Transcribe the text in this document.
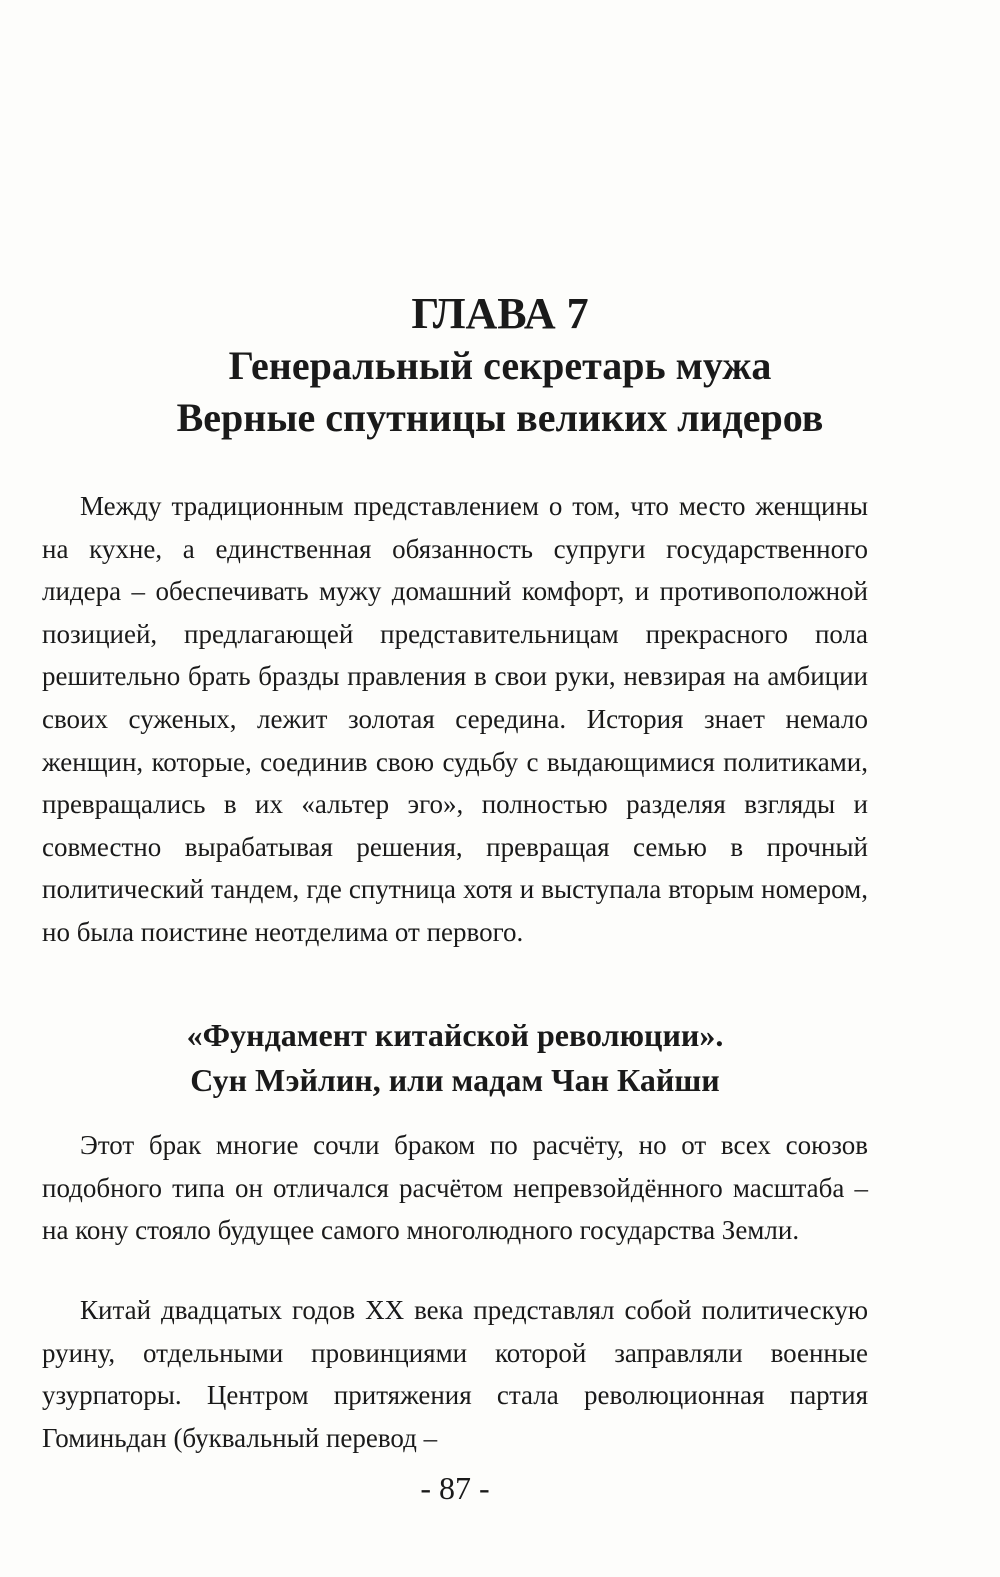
ГЛАВА 7
Генеральный секретарь мужа
Верные спутницы великих лидеров

Между традиционным представлением о том, что место женщины на кухне, а единственная обязанность супруги государственного лидера – обеспечивать мужу домашний комфорт, и противоположной позицией, предлагающей представительницам прекрасного пола решительно брать бразды правления в свои руки, невзирая на амбиции своих суженых, лежит золотая середина. История знает немало женщин, которые, соединив свою судьбу с выдающимися политиками, превращались в их «альтер эго», полностью разделяя взгляды и совместно вырабатывая решения, превращая семью в прочный политический тандем, где спутница хотя и выступала вторым номером, но была поистине неотделима от первого.

«Фундамент китайской революции».
Сун Мэйлин, или мадам Чан Кайши

Этот брак многие сочли браком по расчёту, но от всех союзов подобного типа он отличался расчётом непревзойдённого масштаба – на кону стояло будущее самого многолюдного государства Земли.

Китай двадцатых годов XX века представлял собой политическую руину, отдельными провинциями которой заправляли военные узурпаторы. Центром притяжения стала революционная партия Гоминьдан (буквальный перевод –

- 87 -
